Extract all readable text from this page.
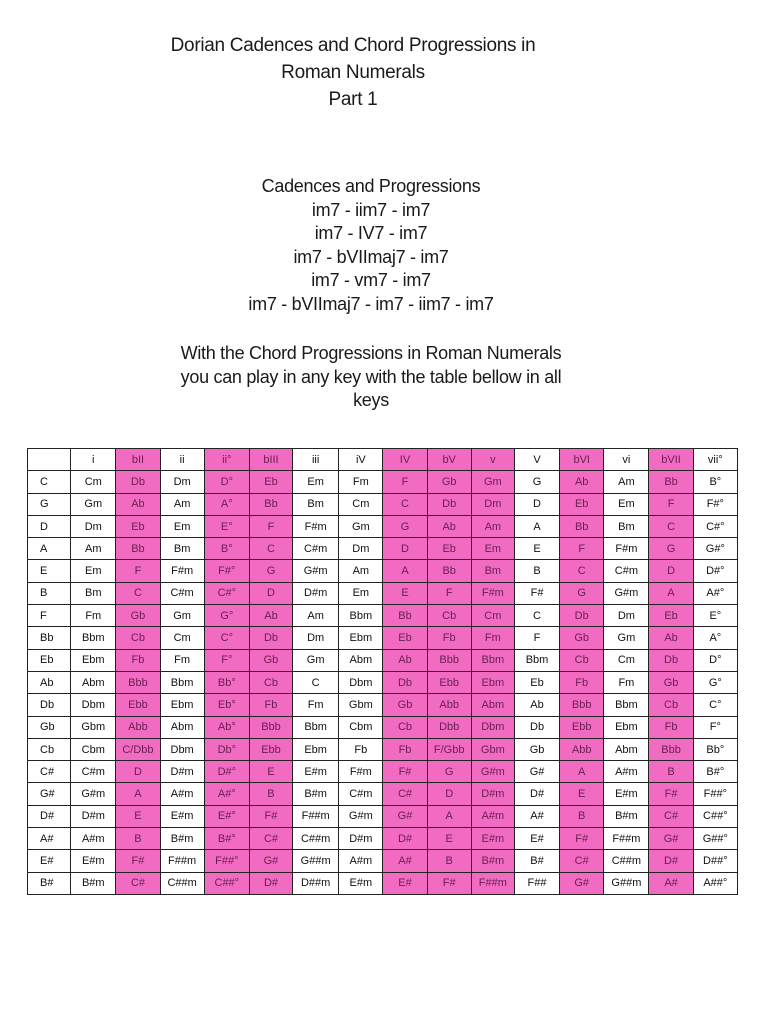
Dorian Cadences and Chord Progressions in
Roman Numerals
Part 1
Cadences and Progressions
im7 - iim7 - im7
im7 - IV7 - im7
im7 - bVIImaj7 - im7
im7 - vm7 - im7
im7 - bVIImaj7 - im7 - iim7 - im7
With the Chord Progressions in Roman Numerals
you can play in any key with the table bellow in all
keys
	i	bII	ii	ii°	bIII	iii	iV	IV	bV	v	V	bVI	vi	bVII	vii°
C	Cm	Db	Dm	D°	Eb	Em	Fm	F	Gb	Gm	G	Ab	Am	Bb	B°
G	Gm	Ab	Am	A°	Bb	Bm	Cm	C	Db	Dm	D	Eb	Em	F	F#°
D	Dm	Eb	Em	E°	F	F#m	Gm	G	Ab	Am	A	Bb	Bm	C	C#°
A	Am	Bb	Bm	B°	C	C#m	Dm	D	Eb	Em	E	F	F#m	G	G#°
E	Em	F	F#m	F#°	G	G#m	Am	A	Bb	Bm	B	C	C#m	D	D#°
B	Bm	C	C#m	C#°	D	D#m	Em	E	F	F#m	F#	G	G#m	A	A#°
F	Fm	Gb	Gm	G°	Ab	Am	Bbm	Bb	Cb	Cm	C	Db	Dm	Eb	E°
Bb	Bbm	Cb	Cm	C°	Db	Dm	Ebm	Eb	Fb	Fm	F	Gb	Gm	Ab	A°
Eb	Ebm	Fb	Fm	F°	Gb	Gm	Abm	Ab	Bbb	Bbm	Bbm	Cb	Cm	Db	D°
Ab	Abm	Bbb	Bbm	Bb°	Cb	C	Dbm	Db	Ebb	Ebm	Eb	Fb	Fm	Gb	G°
Db	Dbm	Ebb	Ebm	Eb°	Fb	Fm	Gbm	Gb	Abb	Abm	Ab	Bbb	Bbm	Cb	C°
Gb	Gbm	Abb	Abm	Ab°	Bbb	Bbm	Cbm	Cb	Dbb	Dbm	Db	Ebb	Ebm	Fb	F°
Cb	Cbm	C/Dbb	Dbm	Db°	Ebb	Ebm	Fb	Fb	F/Gbb	Gbm	Gb	Abb	Abm	Bbb	Bb°
C#	C#m	D	D#m	D#°	E	E#m	F#m	F#	G	G#m	G#	A	A#m	B	B#°
G#	G#m	A	A#m	A#°	B	B#m	C#m	C#	D	D#m	D#	E	E#m	F#	F##°
D#	D#m	E	E#m	E#°	F#	F##m	G#m	G#	A	A#m	A#	B	B#m	C#	C##°
A#	A#m	B	B#m	B#°	C#	C##m	D#m	D#	E	E#m	E#	F#	F##m	G#	G##°
E#	E#m	F#	F##m	F##°	G#	G##m	A#m	A#	B	B#m	B#	C#	C##m	D#	D##°
B#	B#m	C#	C##m	C##°	D#	D##m	E#m	E#	F#	F##m	F##	G#	G##m	A#	A##°
